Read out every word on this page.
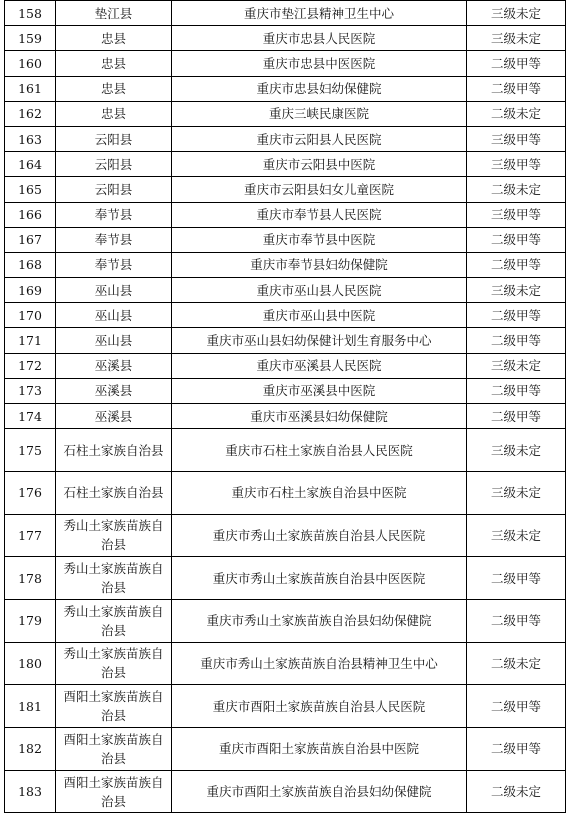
158	垫江县	重庆市垫江县精神卫生中心	三级未定
159	忠县	重庆市忠县人民医院	三级未定
160	忠县	重庆市忠县中医医院	二级甲等
161	忠县	重庆市忠县妇幼保健院	二级甲等
162	忠县	重庆三峡民康医院	二级未定
163	云阳县	重庆市云阳县人民医院	三级甲等
164	云阳县	重庆市云阳县中医院	三级甲等
165	云阳县	重庆市云阳县妇女儿童医院	二级未定
166	奉节县	重庆市奉节县人民医院	三级甲等
167	奉节县	重庆市奉节县中医院	二级甲等
168	奉节县	重庆市奉节县妇幼保健院	二级甲等
169	巫山县	重庆市巫山县人民医院	三级未定
170	巫山县	重庆市巫山县中医院	二级甲等
171	巫山县	重庆市巫山县妇幼保健计划生育服务中心	二级甲等
172	巫溪县	重庆市巫溪县人民医院	三级未定
173	巫溪县	重庆市巫溪县中医院	二级甲等
174	巫溪县	重庆市巫溪县妇幼保健院	二级甲等
175	石柱土家族自治县	重庆市石柱土家族自治县人民医院	三级未定
176	石柱土家族自治县	重庆市石柱土家族自治县中医院	三级未定
177	秀山土家族苗族自治县	重庆市秀山土家族苗族自治县人民医院	三级未定
178	秀山土家族苗族自治县	重庆市秀山土家族苗族自治县中医医院	二级甲等
179	秀山土家族苗族自治县	重庆市秀山土家族苗族自治县妇幼保健院	二级甲等
180	秀山土家族苗族自治县	重庆市秀山土家族苗族自治县精神卫生中心	二级未定
181	酉阳土家族苗族自治县	重庆市酉阳土家族苗族自治县人民医院	二级甲等
182	酉阳土家族苗族自治县	重庆市酉阳土家族苗族自治县中医院	二级甲等
183	酉阳土家族苗族自治县	重庆市酉阳土家族苗族自治县妇幼保健院	二级未定
